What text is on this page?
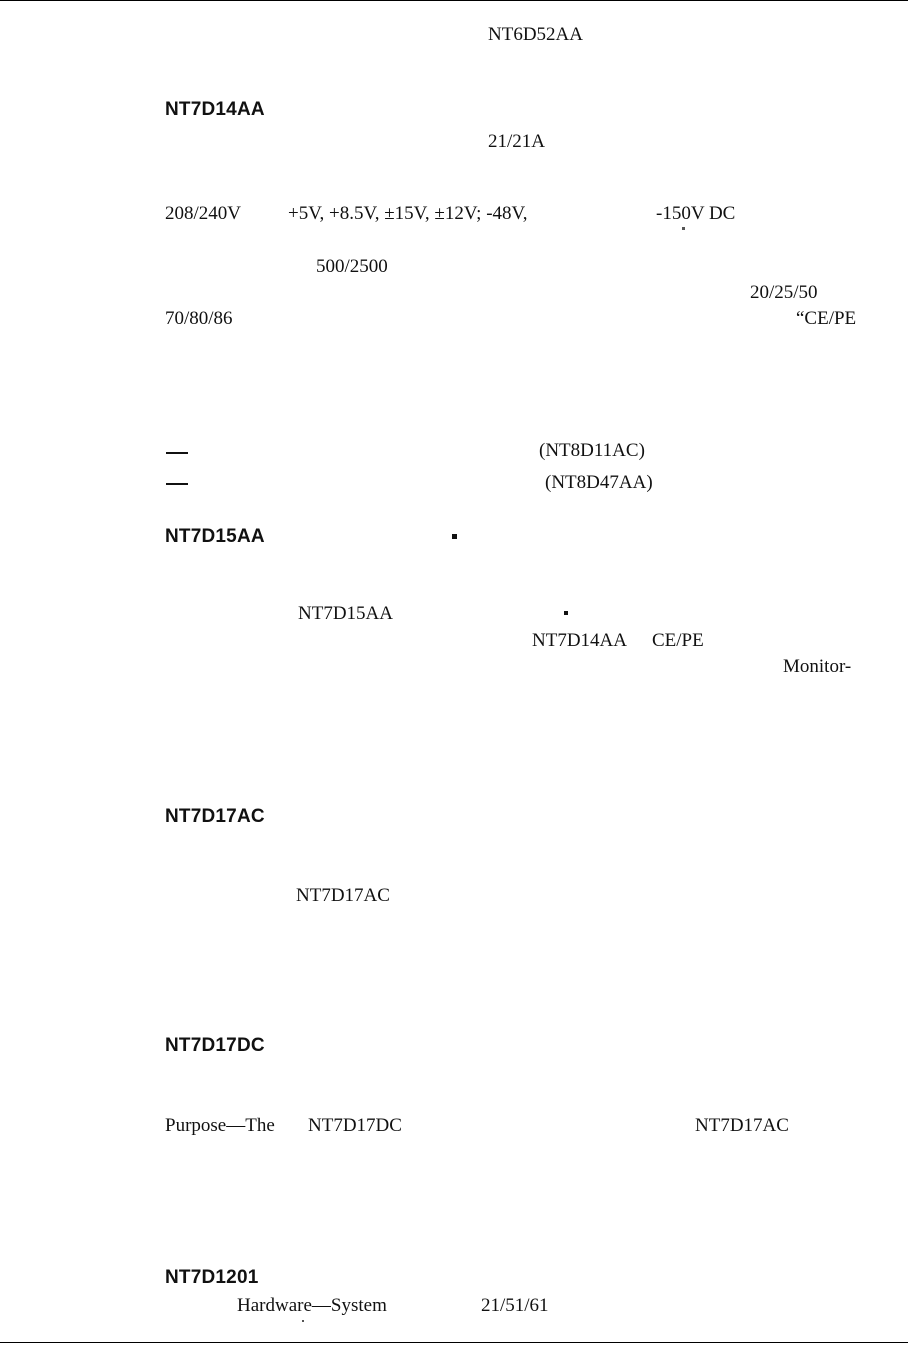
NT6D52AA
NT7D14AA
21/21A
208/240V +5V, +8.5V, ±15V, ±12V; -48V,	-150V DC
500/2500
20/25/50
70/80/86	“CE/PE
(NT8D11AC)
(NT8D47AA)
NT7D15AA
NT7D15AA
NT7D14AA CE/PE
Monitor-
NT7D17AC
NT7D17AC
NT7D17DC
Purpose—The NT7D17DC	NT7D17AC
NT7D1201
Hardware—System	21/51/61
